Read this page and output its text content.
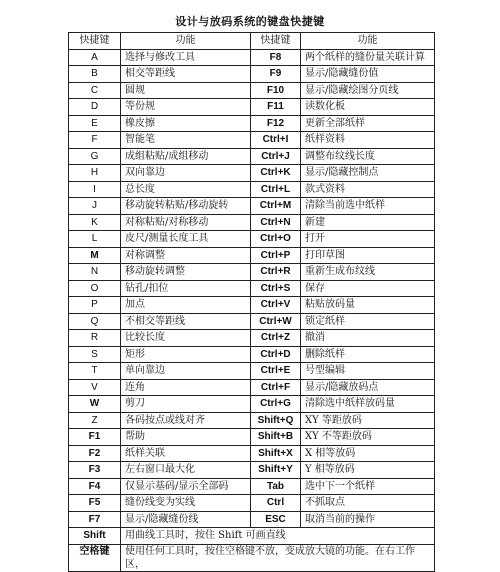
设计与放码系统的键盘快捷键
快捷键	功能	快捷键	功能
A	选择与修改工具	F8	两个纸样的缝份量关联计算
B	相交等距线	F9	显示/隐藏缝份值
C	圆规	F10	显示/隐藏绘图分页线
D	等份规	F11	读数化板
E	橡皮擦	F12	更新全部纸样
F	智能笔	Ctrl+I	纸样资料
G	成组粘贴/成组移动	Ctrl+J	调整布纹线长度
H	双向靠边	Ctrl+K	显示/隐藏控制点
I	总长度	Ctrl+L	款式资料
J	移动旋转粘贴/移动旋转	Ctrl+M	清除当前选中纸样
K	对称粘贴/对称移动	Ctrl+N	新建
L	皮尺/测量长度工具	Ctrl+O	打开
M	对称调整	Ctrl+P	打印草图
N	移动旋转调整	Ctrl+R	重新生成布纹线
O	钻孔/扣位	Ctrl+S	保存
P	加点	Ctrl+V	粘贴放码量
Q	不相交等距线	Ctrl+W	锁定纸样
R	比较长度	Ctrl+Z	撤消
S	矩形	Ctrl+D	删除纸样
T	单向靠边	Ctrl+E	号型编辑
V	连角	Ctrl+F	显示/隐藏放码点
W	剪刀	Ctrl+G	清除选中纸样放码量
Z	各码按点或线对齐	Shift+Q	XY 等距放码
F1	帮助	Shift+B	XY 不等距放码
F2	纸样关联	Shift+X	X 相等放码
F3	左右窗口最大化	Shift+Y	Y 相等放码
F4	仅显示基码/显示全部码	Tab	选中下一个纸样
F5	缝份线变为实线	Ctrl	不抓取点
F7	显示/隐藏缝份线	ESC	取消当前的操作
Shift	用曲线工具时，按住 Shift 可画直线		
空格键	使用任何工具时，按住空格键不放，变成放大镜的功能。在右工作区，		
